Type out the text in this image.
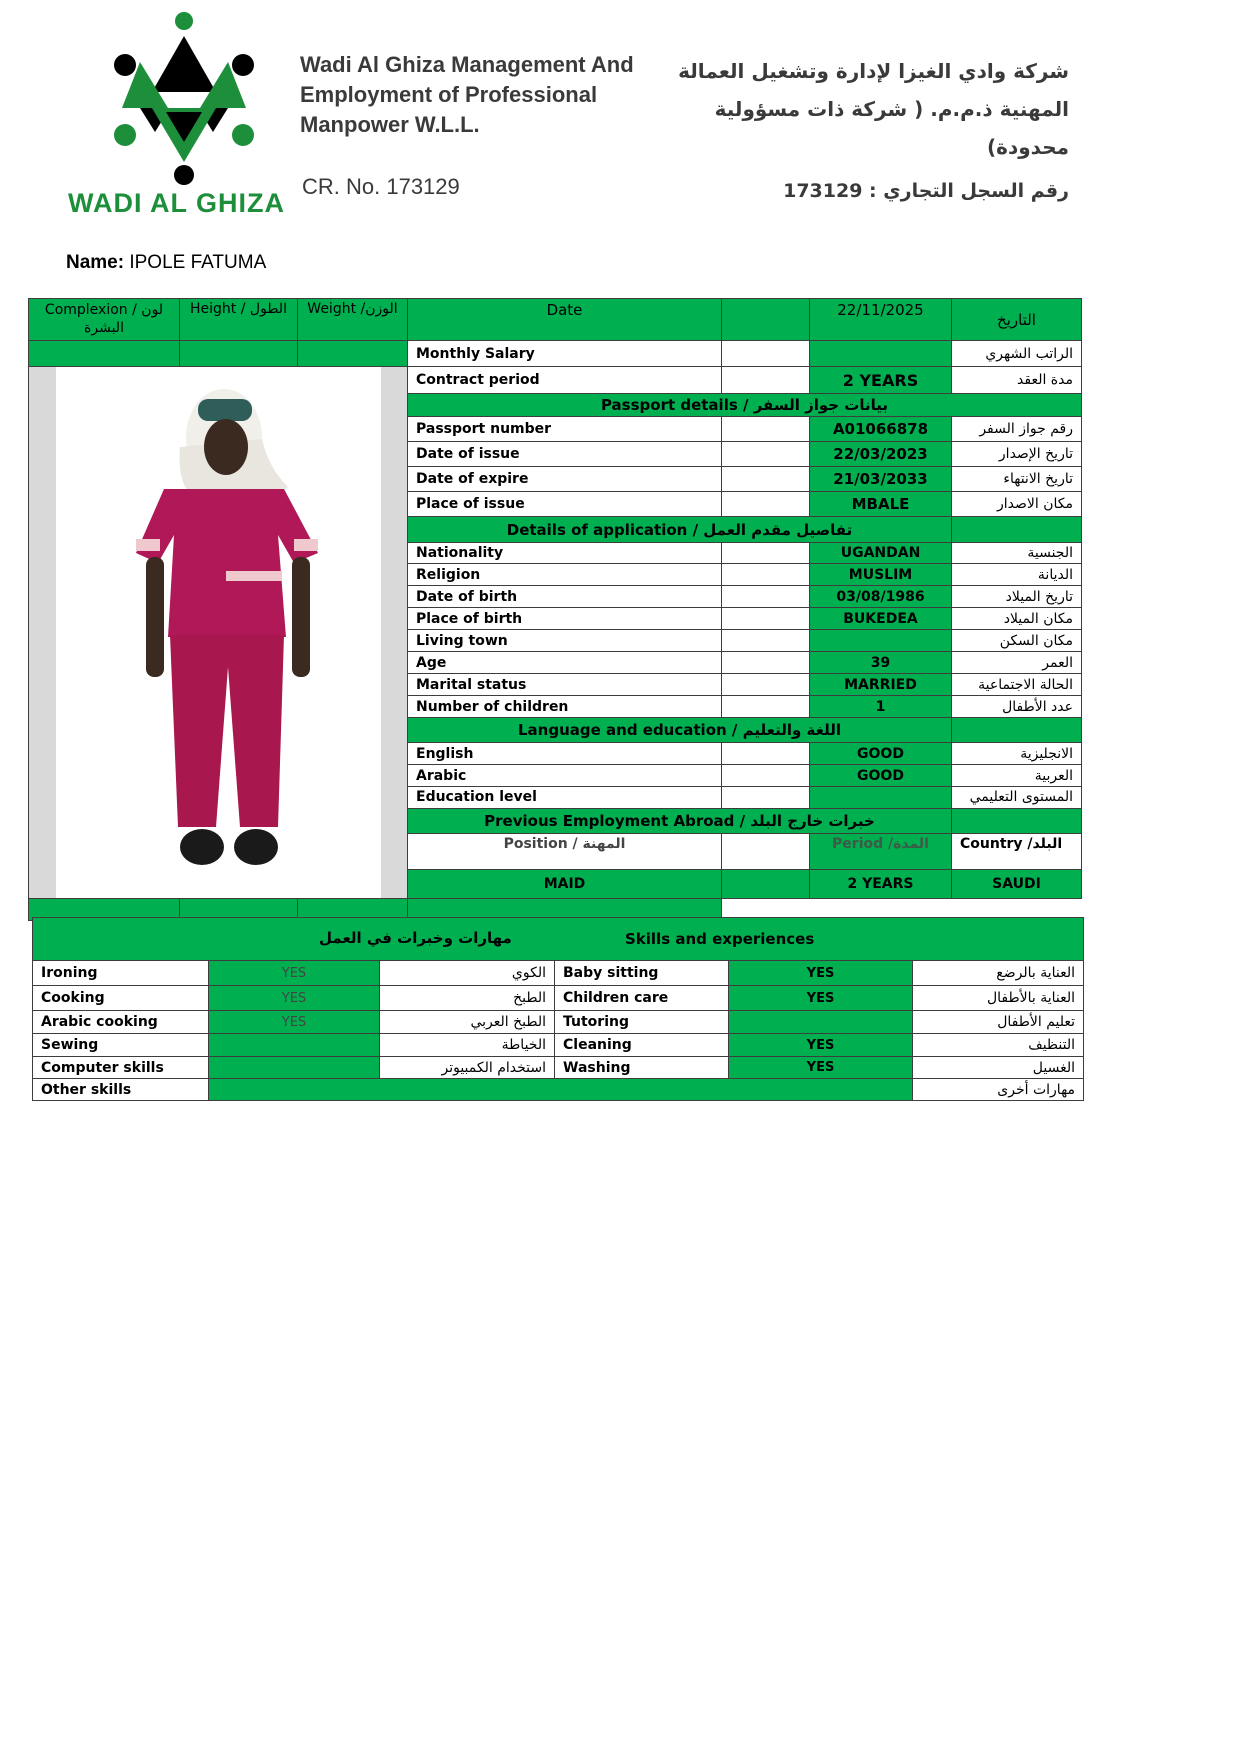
WADI AL GHIZA
Wadi Al Ghiza Management And
Employment of Professional
Manpower W.L.L.
CR. No. 173129
شركة وادي الغيزا لإدارة وتشغيل العمالة
المهنية ذ.م.م. ( شركة ذات مسؤولية
محدودة)
رقم السجل التجاري : 173129
Name: IPOLE FATUMA
Complexion / لون البشرة	Height / الطول	Weight /الوزن	Date		22/11/2025	التاريخ
			Monthly Salary			الراتب الشهري

	Contract period		2 YEARS	مدة العقد
			Passport details / بيانات جواز السفر			
			Passport number		A01066878	رقم جواز السفر
			Date of issue		22/03/2023	تاريخ الإصدار
			Date of expire		21/03/2033	تاريخ الانتهاء
			Place of issue		MBALE	مكان الاصدار
			Details of application / تفاصيل مقدم العمل			
			Nationality		UGANDAN	الجنسية
			Religion		MUSLIM	الديانة
			Date of birth		03/08/1986	تاريخ الميلاد
			Place of birth		BUKEDEA	مكان الميلاد
			Living town			مكان السكن
			Age		39	العمر
			Marital status		MARRIED	الحالة الاجتماعية
			Number of children		1	عدد الأطفال
			Language and education / اللغة والتعليم			
			English		GOOD	الانجليزية
			Arabic		GOOD	العربية
			Education level			المستوى التعليمي
			Previous Employment Abroad / خبرات خارج البلد			
			Position / المهنة		Period /المدة	Country /البلد
			MAID		2 YEARS	SAUDI

مهارات وخبرات في العمل Skills and experiences					

Ironing	YES	الكوي	Baby sitting	YES	العناية بالرضع
Cooking	YES	الطبخ	Children care	YES	العناية بالأطفال
Arabic cooking	YES	الطبخ العربي	Tutoring		تعليم الأطفال
Sewing		الخياطة	Cleaning	YES	التنظيف
Computer skills		استخدام الكمبيوتر	Washing	YES	الغسيل
Other skills					مهارات أخرى
